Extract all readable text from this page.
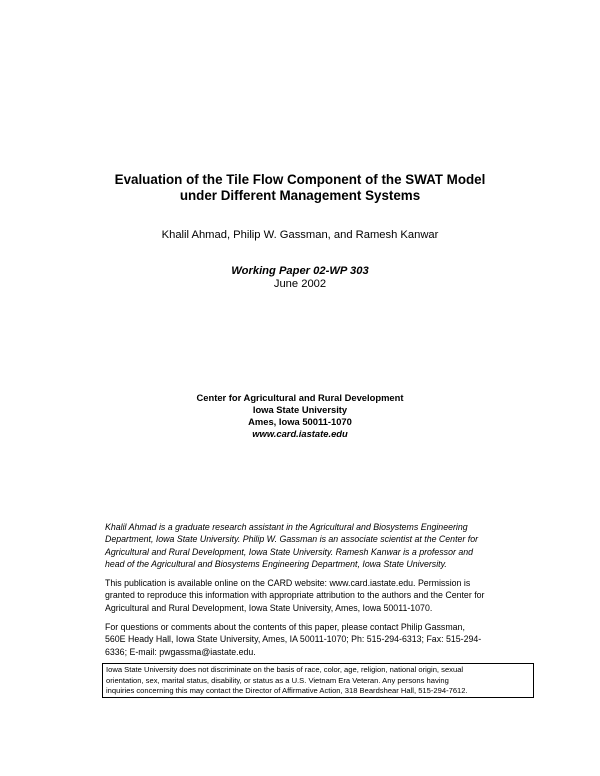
Evaluation of the Tile Flow Component of the SWAT Model
under Different Management Systems
Khalil Ahmad, Philip W. Gassman, and Ramesh Kanwar
Working Paper 02-WP 303
June 2002
Center for Agricultural and Rural Development
Iowa State University
Ames, Iowa 50011-1070
www.card.iastate.edu
Khalil Ahmad is a graduate research assistant in the Agricultural and Biosystems Engineering
Department, Iowa State University. Philip W. Gassman is an associate scientist at the Center for
Agricultural and Rural Development, Iowa State University. Ramesh Kanwar is a professor and
head of the Agricultural and Biosystems Engineering Department, Iowa State University.
This publication is available online on the CARD website: www.card.iastate.edu. Permission is
granted to reproduce this information with appropriate attribution to the authors and the Center for
Agricultural and Rural Development, Iowa State University, Ames, Iowa 50011-1070.
For questions or comments about the contents of this paper, please contact Philip Gassman,
560E Heady Hall, Iowa State University, Ames, IA 50011-1070; Ph: 515-294-6313; Fax: 515-294-
6336; E-mail: pwgassma@iastate.edu.
Iowa State University does not discriminate on the basis of race, color, age, religion, national origin, sexual
orientation, sex, marital status, disability, or status as a U.S. Vietnam Era Veteran. Any persons having
inquiries concerning this may contact the Director of Affirmative Action, 318 Beardshear Hall, 515-294-7612.
